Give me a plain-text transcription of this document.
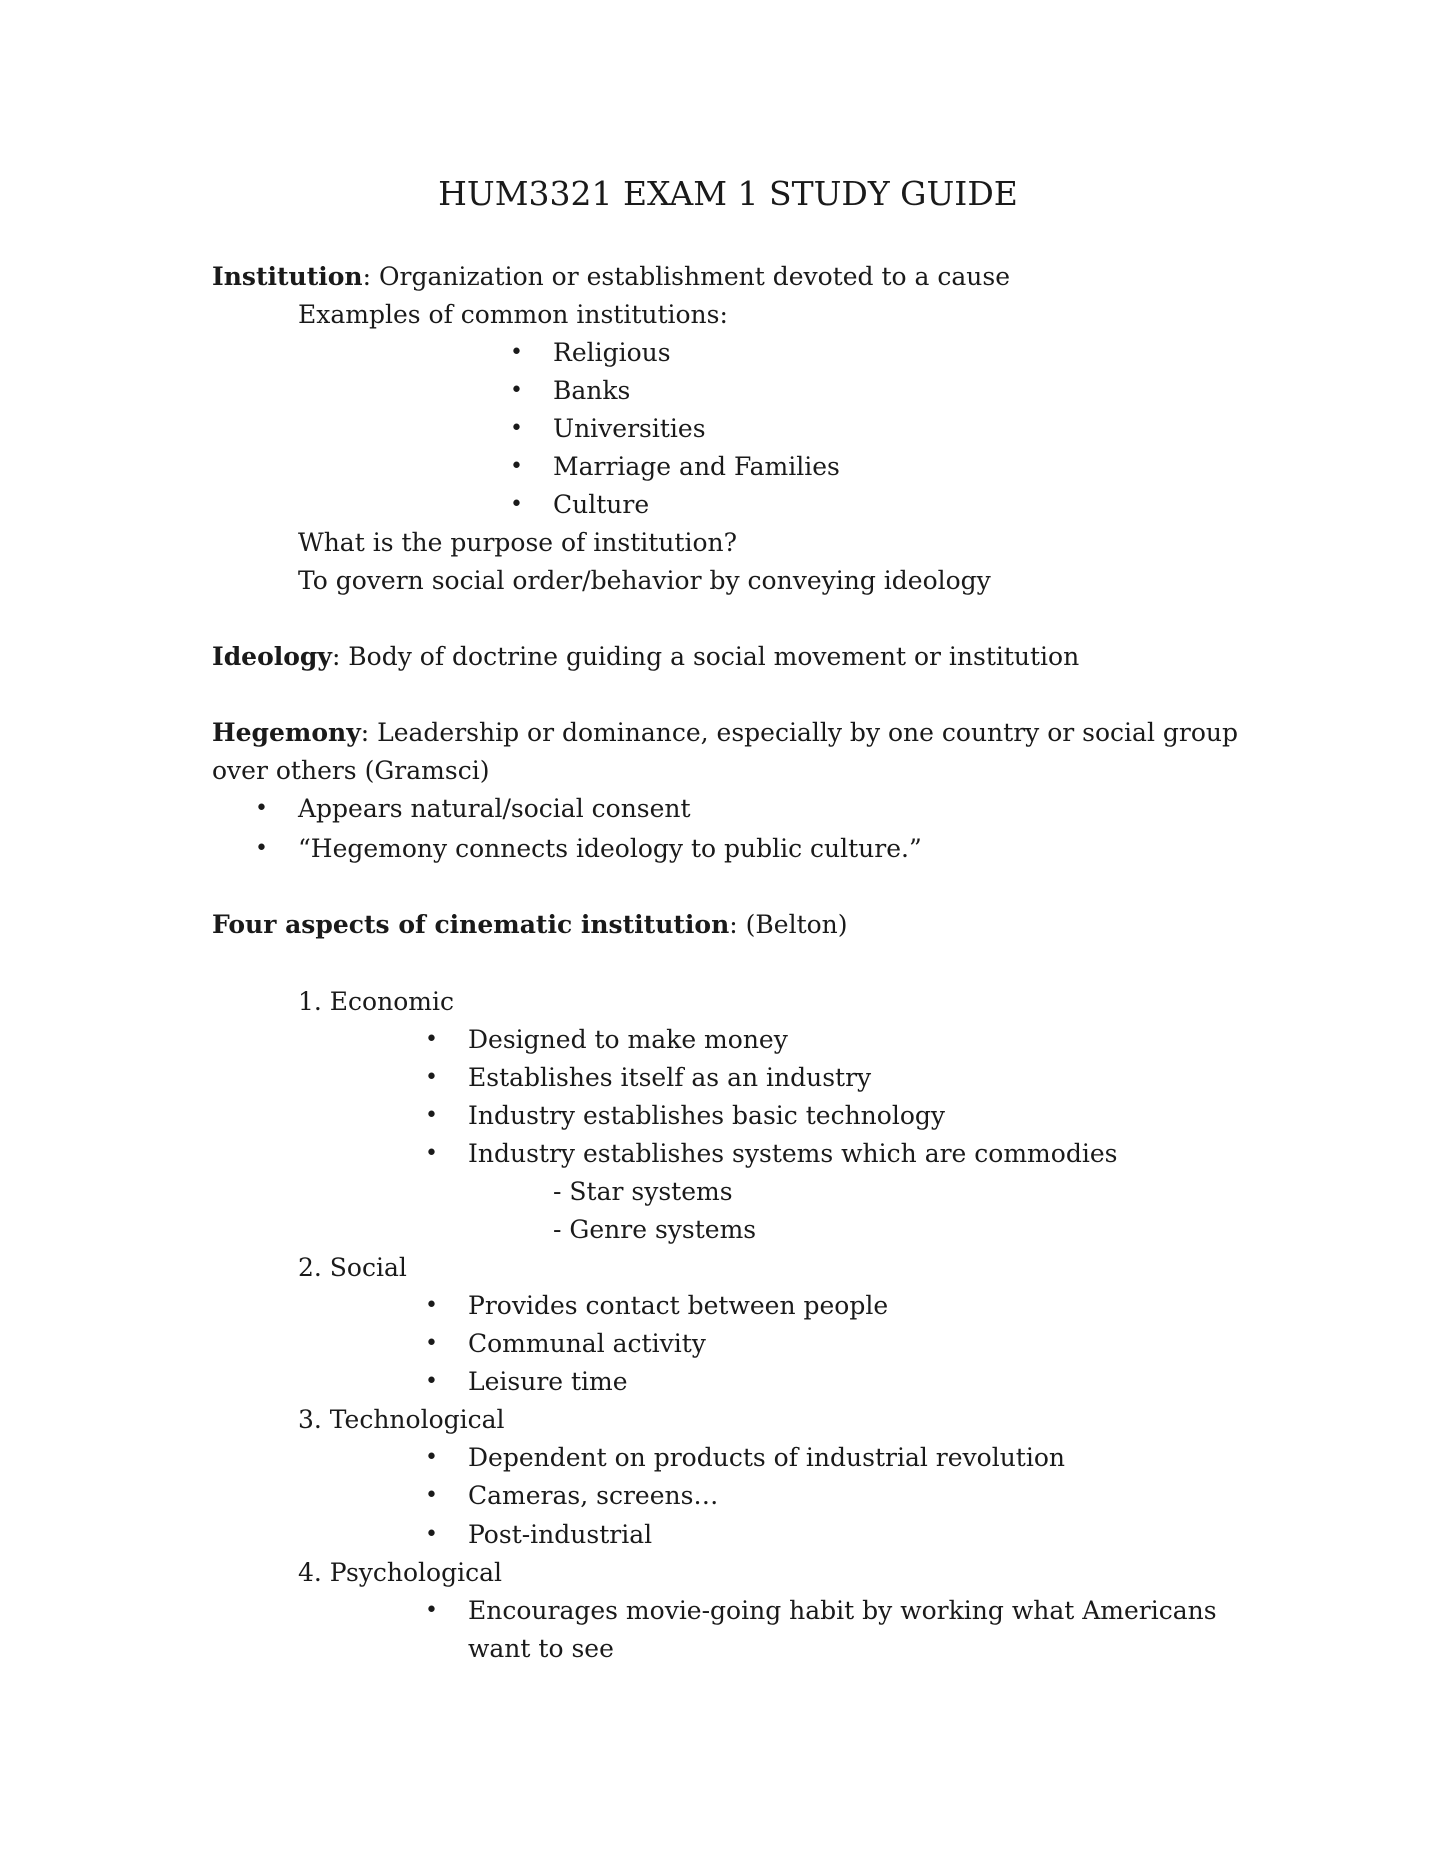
HUM3321 EXAM 1 STUDY GUIDE
Institution: Organization or establishment devoted to a cause
Examples of common institutions:
• Religious
• Banks
• Universities
• Marriage and Families
• Culture
What is the purpose of institution?
To govern social order/behavior by conveying ideology
Ideology: Body of doctrine guiding a social movement or institution
Hegemony: Leadership or dominance, especially by one country or social group
over others (Gramsci)
• Appears natural/social consent
• “Hegemony connects ideology to public culture.”
Four aspects of cinematic institution: (Belton)
1. Economic
• Designed to make money
• Establishes itself as an industry
• Industry establishes basic technology
• Industry establishes systems which are commodies
- Star systems
- Genre systems
2. Social
• Provides contact between people
• Communal activity
• Leisure time
3. Technological
• Dependent on products of industrial revolution
• Cameras, screens…
• Post-industrial
4. Psychological
• Encourages movie-going habit by working what Americans
want to see
